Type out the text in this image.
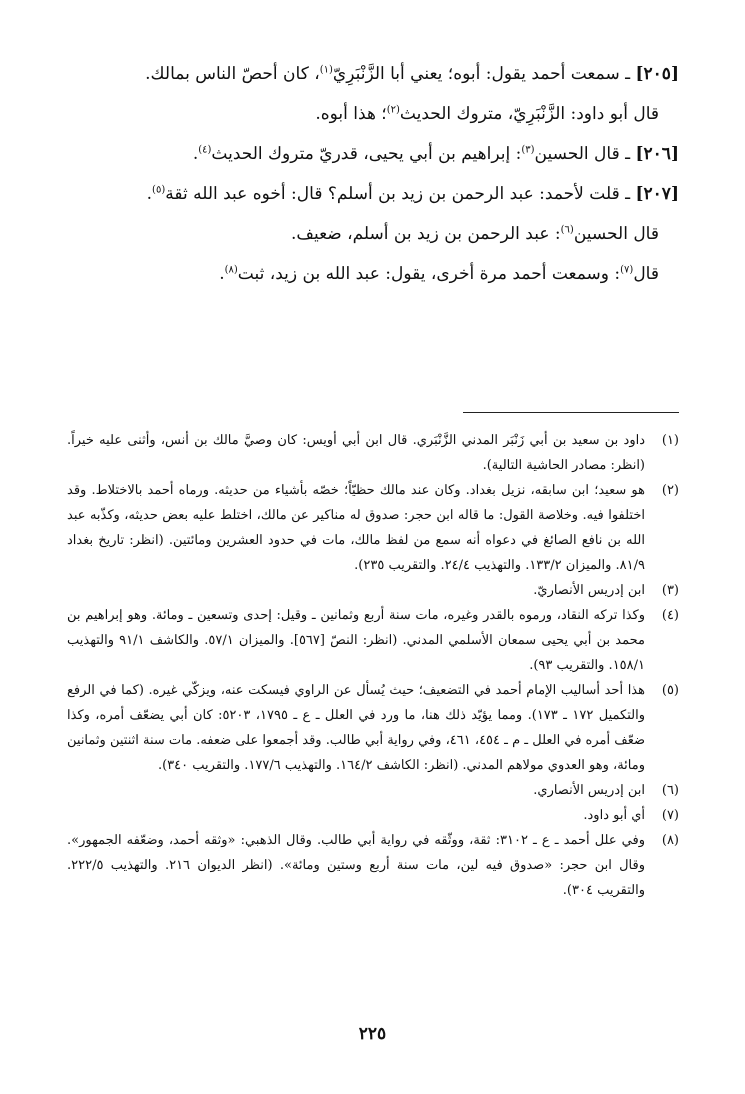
[٢٠٥] ـ سمعت أحمد يقول: أبوه؛ يعني أبا الزَّنْبَرِيّ$^{(١)}$، كان أحصّ الناس بمالك.

قال أبو داود: الزَّنْبَرِيّ، متروك الحديث$^{(٢)}$؛ هذا أبوه.

[٢٠٦] ـ قال الحسين$^{(٣)}$: إبراهيم بن أبي يحيى، قدريّ متروك الحديث$^{(٤)}$.

[٢٠٧] ـ قلت لأحمد: عبد الرحمن بن زيد بن أسلم؟ قال: أخوه عبد الله ثقة$^{(٥)}$.

قال الحسين$^{(٦)}$: عبد الرحمن بن زيد بن أسلم، ضعيف.

قال$^{(٧)}$: وسمعت أحمد مرة أخرى، يقول: عبد الله بن زيد، ثبت$^{(٨)}$.

(١)
داود بن سعيد بن أبي زَنْبَر المدني الزَّنْبَري. قال ابن أبي أويس: كان وصيَّ مالك بن أنس، وأثنى عليه خيراً. (انظر: مصادر الحاشية التالية).
(٢)
هو سعيد؛ ابن سابقه، نزيل بغداد. وكان عند مالك حظيّاً؛ خصّه بأشياء من حديثه. ورماه أحمد بالاختلاط. وقد اختلفوا فيه. وخلاصة القول: ما قاله ابن حجر: صدوق له مناكير عن مالك، اختلط عليه بعض حديثه، وكذّبه عبد الله بن نافع الصائغ في دعواه أنه سمع من لفظ مالك، مات في حدود العشرين ومائتين. (انظر: تاريخ بغداد ٨١/٩. والميزان ١٣٣/٢. والتهذيب ٢٤/٤. والتقريب ٢٣٥).
(٣)
ابن إدريس الأنصاريّ.
(٤)
وكذا تركه النقاد، ورموه بالقدر وغيره، مات سنة أربع وثمانين ـ وقيل: إحدى وتسعين ـ ومائة. وهو إبراهيم بن محمد بن أبي يحيى سمعان الأسلمي المدني. (انظر: النصّ [٥٦٧]. والميزان ٥٧/١. والكاشف ٩١/١ والتهذيب ١٥٨/١. والتقريب ٩٣).
(٥)
هذا أحد أساليب الإمام أحمد في التضعيف؛ حيث يُسأل عن الراوي فيسكت عنه، ويزكّي غيره. (كما في الرفع والتكميل ١٧٢ ـ ١٧٣). ومما يؤيّد ذلك هنا، ما ورد في العلل ـ ع ـ ١٧٩٥، ٥٢٠٣: كان أبي يضعّف أمره، وكذا ضعّف أمره في العلل ـ م ـ ٤٥٤، ٤٦١، وفي رواية أبي طالب. وقد أجمعوا على ضعفه. مات سنة اثنتين وثمانين ومائة، وهو العدوي مولاهم المدني. (انظر: الكاشف ١٦٤/٢. والتهذيب ١٧٧/٦. والتقريب ٣٤٠).
(٦)
ابن إدريس الأنصاري.
(٧)
أي أبو داود.
(٨)
وفي علل أحمد ـ ع ـ ٣١٠٢: ثقة، ووثّقه في رواية أبي طالب. وقال الذهبي: «وثقه أحمد، وضعّفه الجمهور». وقال ابن حجر: «صدوق فيه لين، مات سنة أربع وستين ومائة». (انظر الديوان ٢١٦. والتهذيب ٢٢٢/٥. والتقريب ٣٠٤).
٢٢٥
